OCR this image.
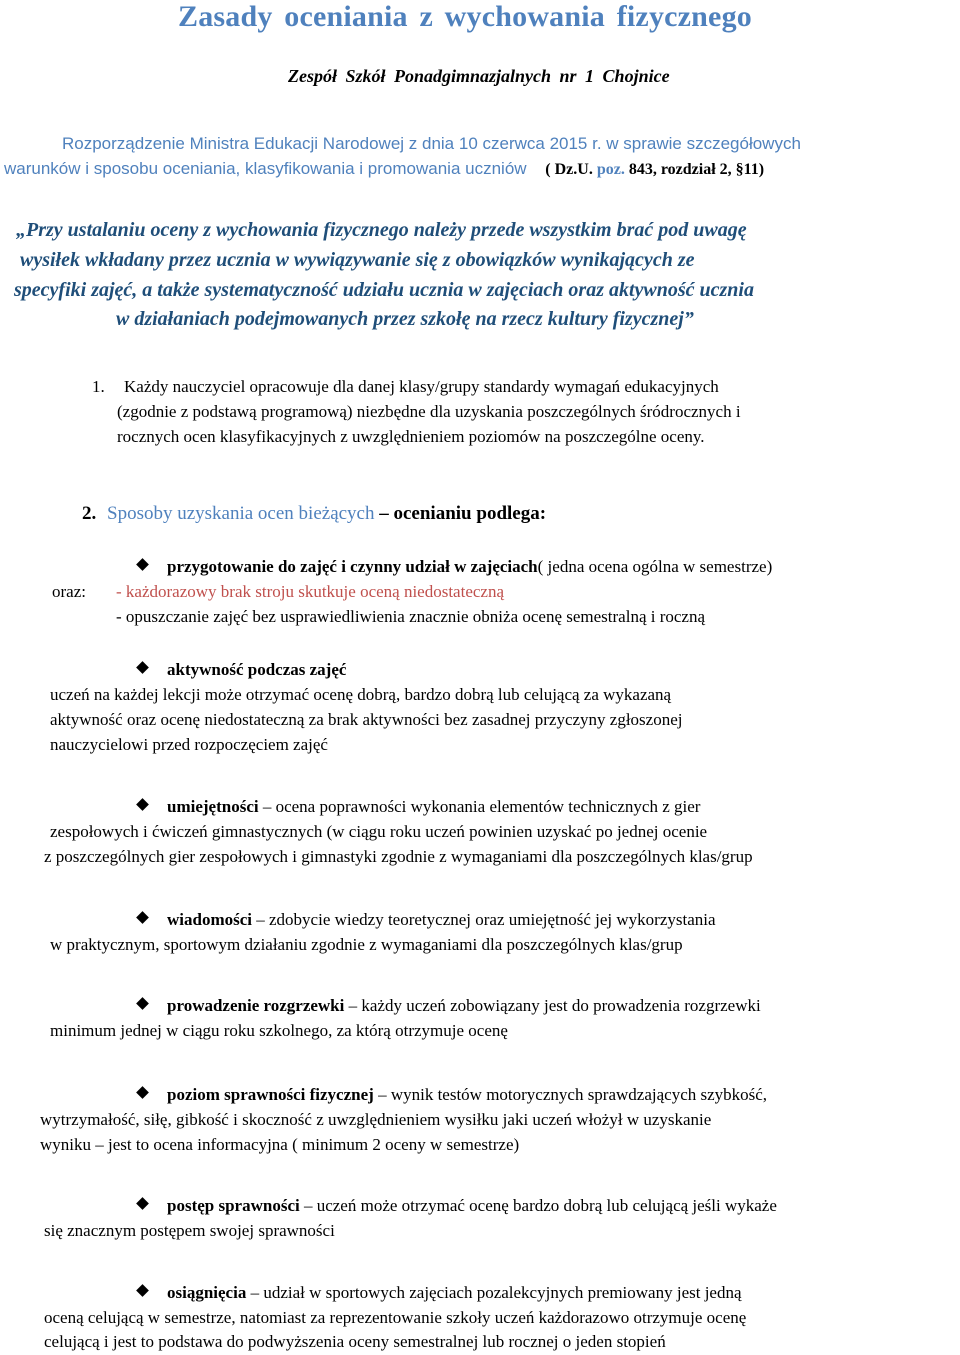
Zasady oceniania z wychowania fizycznego
Zespół Szkół Ponadgimnazjalnych nr 1 Chojnice
Rozporządzenie Ministra Edukacji Narodowej z dnia 10 czerwca 2015 r. w sprawie szczegółowych
warunków i sposobu oceniania, klasyfikowania i promowania uczniów ( Dz.U. poz. 843, rozdział 2, §11)
„Przy ustalaniu oceny z wychowania fizycznego należy przede wszystkim brać pod uwagę
wysiłek wkładany przez ucznia w wywiązywanie się z obowiązków wynikających ze
specyfiki zajęć, a także systematyczność udziału ucznia w zajęciach oraz aktywność ucznia
w działaniach podejmowanych przez szkołę na rzecz kultury fizycznej”
1. Każdy nauczyciel opracowuje dla danej klasy/grupy standardy wymagań edukacyjnych
(zgodnie z podstawą programową) niezbędne dla uzyskania poszczególnych śródrocznych i
rocznych ocen klasyfikacyjnych z uwzględnieniem poziomów na poszczególne oceny.
2. Sposoby uzyskania ocen bieżących – ocenianiu podlega:
przygotowanie do zajęć i czynny udział w zajęciach( jedna ocena ogólna w semestrze)
oraz: - każdorazowy brak stroju skutkuje oceną niedostateczną
- opuszczanie zajęć bez usprawiedliwienia znacznie obniża ocenę semestralną i roczną
aktywność podczas zajęć
uczeń na każdej lekcji może otrzymać ocenę dobrą, bardzo dobrą lub celującą za wykazaną
aktywność oraz ocenę niedostateczną za brak aktywności bez zasadnej przyczyny zgłoszonej
nauczycielowi przed rozpoczęciem zajęć
umiejętności – ocena poprawności wykonania elementów technicznych z gier
zespołowych i ćwiczeń gimnastycznych (w ciągu roku uczeń powinien uzyskać po jednej ocenie
z poszczególnych gier zespołowych i gimnastyki zgodnie z wymaganiami dla poszczególnych klas/grup
wiadomości – zdobycie wiedzy teoretycznej oraz umiejętność jej wykorzystania
w praktycznym, sportowym działaniu zgodnie z wymaganiami dla poszczególnych klas/grup
prowadzenie rozgrzewki – każdy uczeń zobowiązany jest do prowadzenia rozgrzewki
minimum jednej w ciągu roku szkolnego, za którą otrzymuje ocenę
poziom sprawności fizycznej – wynik testów motorycznych sprawdzających szybkość,
wytrzymałość, siłę, gibkość i skoczność z uwzględnieniem wysiłku jaki uczeń włożył w uzyskanie
wyniku – jest to ocena informacyjna ( minimum 2 oceny w semestrze)
postęp sprawności – uczeń może otrzymać ocenę bardzo dobrą lub celującą jeśli wykaże
się znacznym postępem swojej sprawności
osiągnięcia – udział w sportowych zajęciach pozalekcyjnych premiowany jest jedną
oceną celującą w semestrze, natomiast za reprezentowanie szkoły uczeń każdorazowo otrzymuje ocenę
celującą i jest to podstawa do podwyższenia oceny semestralnej lub rocznej o jeden stopień
